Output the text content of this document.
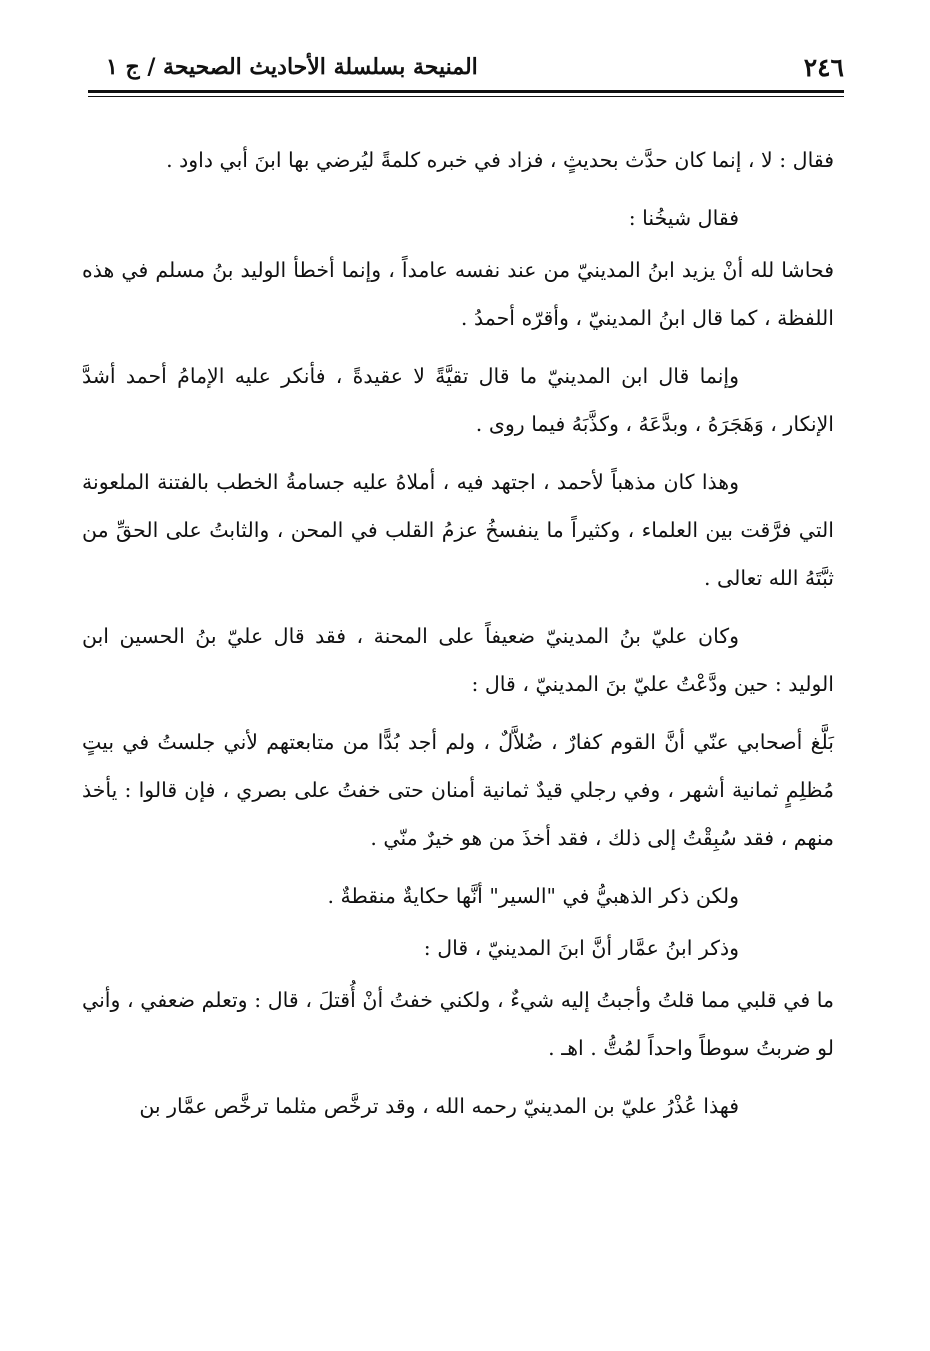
٢٤٦
المنيحة بسلسلة الأحاديث الصحيحة / ج ١

فقال : لا ، إنما كان حدَّث بحديثٍ ، فزاد في خبره كلمةً ليُرضي بها ابنَ أبي داود .

فقال شيخُنا :

فحاشا لله أنْ يزيد ابنُ المدينيّ من عند نفسه عامداً ، وإنما أخطأ الوليد بنُ مسلم في هذه اللفظة ، كما قال ابنُ المدينيّ ، وأقرّه أحمدُ .

وإنما قال ابن المدينيّ ما قال تقيَّةً لا عقيدةً ، فأنكر عليه الإمامُ أحمد أشدَّ الإنكار ، وَهَجَرَهُ ، وبدَّعَهُ ، وكذَّبَهُ فيما روى .

وهذا كان مذهباً لأحمد ، اجتهد فيه ، أملاهُ عليه جسامةُ الخطب بالفتنة الملعونة التي فرَّقت بين العلماء ، وكثيراً ما ينفسخُ عزمُ القلب في المحن ، والثابتُ على الحقِّ من ثبَّتَهُ الله تعالى .

وكان عليّ بنُ المدينيّ ضعيفاً على المحنة ، فقد قال عليّ بنُ الحسين ابن الوليد : حين ودَّعْتُ عليّ بنَ المدينيّ ، قال :

بَلَّغ أصحابي عنّي أنَّ القوم كفارٌ ، ضُلاَّلٌ ، ولم أجد بُدًّا من متابعتهم لأني جلستُ في بيتٍ مُظلِمٍ ثمانية أشهر ، وفي رجلي قيدٌ ثمانية أمنان حتى خفتُ على بصري ، فإن قالوا : يأخذ منهم ، فقد سُبِقْتُ إلى ذلك ، فقد أخذَ من هو خيرٌ منّي .

ولكن ذكر الذهبيُّ في "السير" أنَّها حكايةٌ منقطةٌ .

وذكر ابنُ عمَّار أنَّ ابنَ المدينيّ ، قال :

ما في قلبي مما قلتُ وأجبتُ إليه شيءٌ ، ولكني خفتُ أنْ أُقتلَ ، قال : وتعلم ضعفي ، وأني لو ضربتُ سوطاً واحداً لمُتُّ . اهـ .

فهذا عُذْرُ عليّ بن المدينيّ رحمه الله ، وقد ترخَّص مثلما ترخَّص عمَّار بن
